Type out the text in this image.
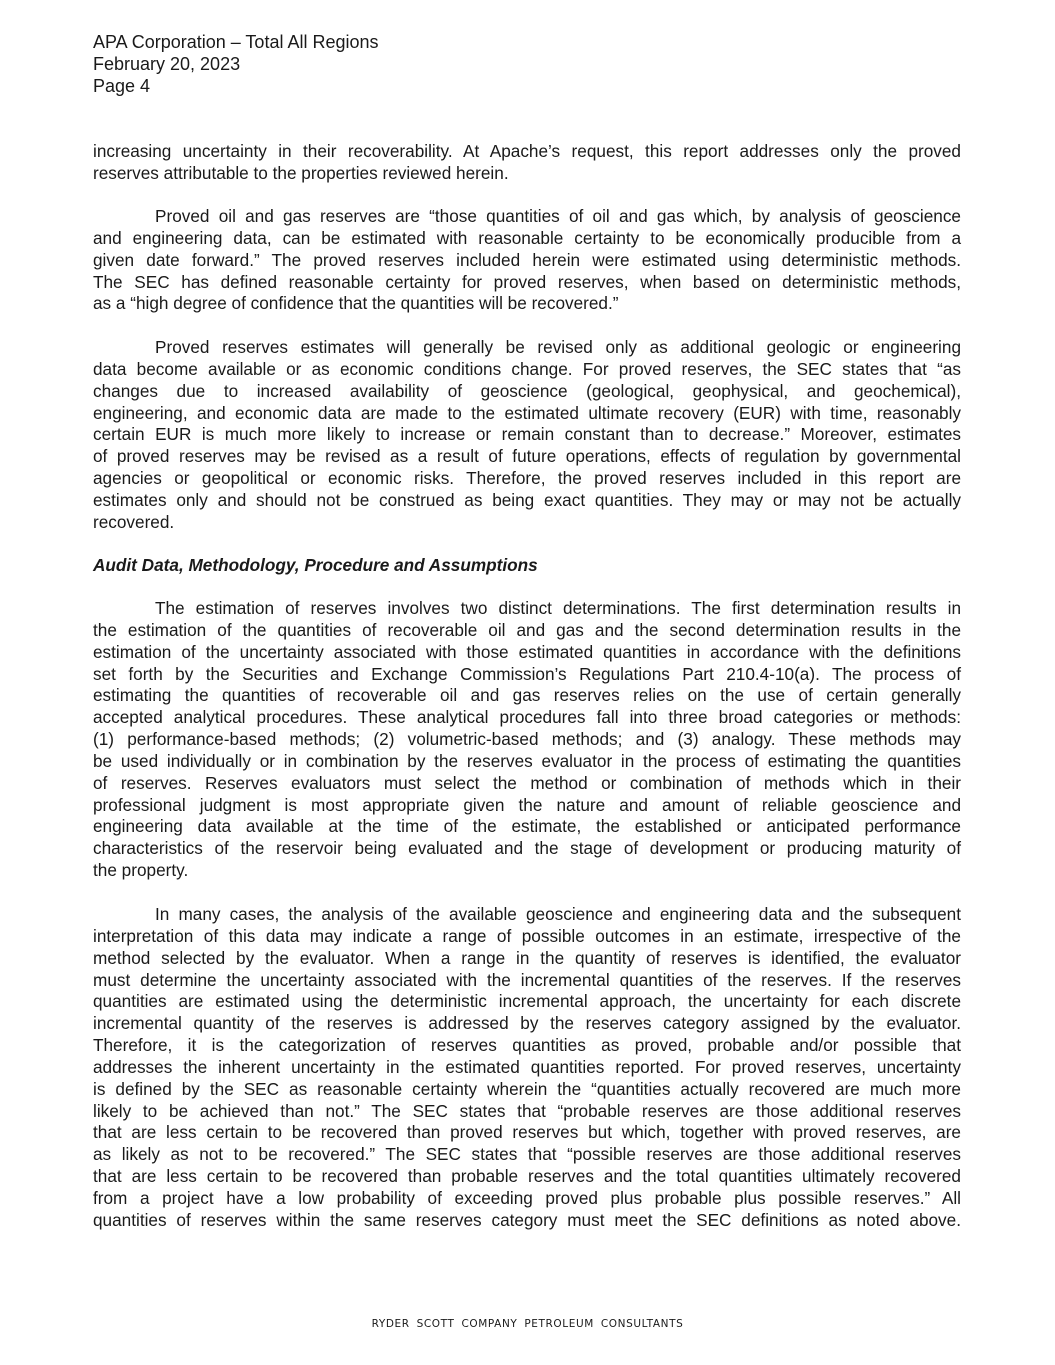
APA Corporation – Total All Regions
February 20, 2023
Page 4
increasing uncertainty in their recoverability. At Apache’s request, this report addresses only the proved
reserves attributable to the properties reviewed herein.
Proved oil and gas reserves are “those quantities of oil and gas which, by analysis of geoscience
and engineering data, can be estimated with reasonable certainty to be economically producible from a
given date forward.” The proved reserves included herein were estimated using deterministic methods.
The SEC has defined reasonable certainty for proved reserves, when based on deterministic methods,
as a “high degree of confidence that the quantities will be recovered.”
Proved reserves estimates will generally be revised only as additional geologic or engineering
data become available or as economic conditions change. For proved reserves, the SEC states that “as
changes due to increased availability of geoscience (geological, geophysical, and geochemical),
engineering, and economic data are made to the estimated ultimate recovery (EUR) with time, reasonably
certain EUR is much more likely to increase or remain constant than to decrease.” Moreover, estimates
of proved reserves may be revised as a result of future operations, effects of regulation by governmental
agencies or geopolitical or economic risks. Therefore, the proved reserves included in this report are
estimates only and should not be construed as being exact quantities. They may or may not be actually
recovered.
Audit Data, Methodology, Procedure and Assumptions
The estimation of reserves involves two distinct determinations. The first determination results in
the estimation of the quantities of recoverable oil and gas and the second determination results in the
estimation of the uncertainty associated with those estimated quantities in accordance with the definitions
set forth by the Securities and Exchange Commission’s Regulations Part 210.4-10(a). The process of
estimating the quantities of recoverable oil and gas reserves relies on the use of certain generally
accepted analytical procedures. These analytical procedures fall into three broad categories or methods:
(1) performance-based methods; (2) volumetric-based methods; and (3) analogy. These methods may
be used individually or in combination by the reserves evaluator in the process of estimating the quantities
of reserves. Reserves evaluators must select the method or combination of methods which in their
professional judgment is most appropriate given the nature and amount of reliable geoscience and
engineering data available at the time of the estimate, the established or anticipated performance
characteristics of the reservoir being evaluated and the stage of development or producing maturity of
the property.
In many cases, the analysis of the available geoscience and engineering data and the subsequent
interpretation of this data may indicate a range of possible outcomes in an estimate, irrespective of the
method selected by the evaluator. When a range in the quantity of reserves is identified, the evaluator
must determine the uncertainty associated with the incremental quantities of the reserves. If the reserves
quantities are estimated using the deterministic incremental approach, the uncertainty for each discrete
incremental quantity of the reserves is addressed by the reserves category assigned by the evaluator.
Therefore, it is the categorization of reserves quantities as proved, probable and/or possible that
addresses the inherent uncertainty in the estimated quantities reported. For proved reserves, uncertainty
is defined by the SEC as reasonable certainty wherein the “quantities actually recovered are much more
likely to be achieved than not.” The SEC states that “probable reserves are those additional reserves
that are less certain to be recovered than proved reserves but which, together with proved reserves, are
as likely as not to be recovered.” The SEC states that “possible reserves are those additional reserves
that are less certain to be recovered than probable reserves and the total quantities ultimately recovered
from a project have a low probability of exceeding proved plus probable plus possible reserves.” All
quantities of reserves within the same reserves category must meet the SEC definitions as noted above.
RYDER SCOTT COMPANY PETROLEUM CONSULTANTS
